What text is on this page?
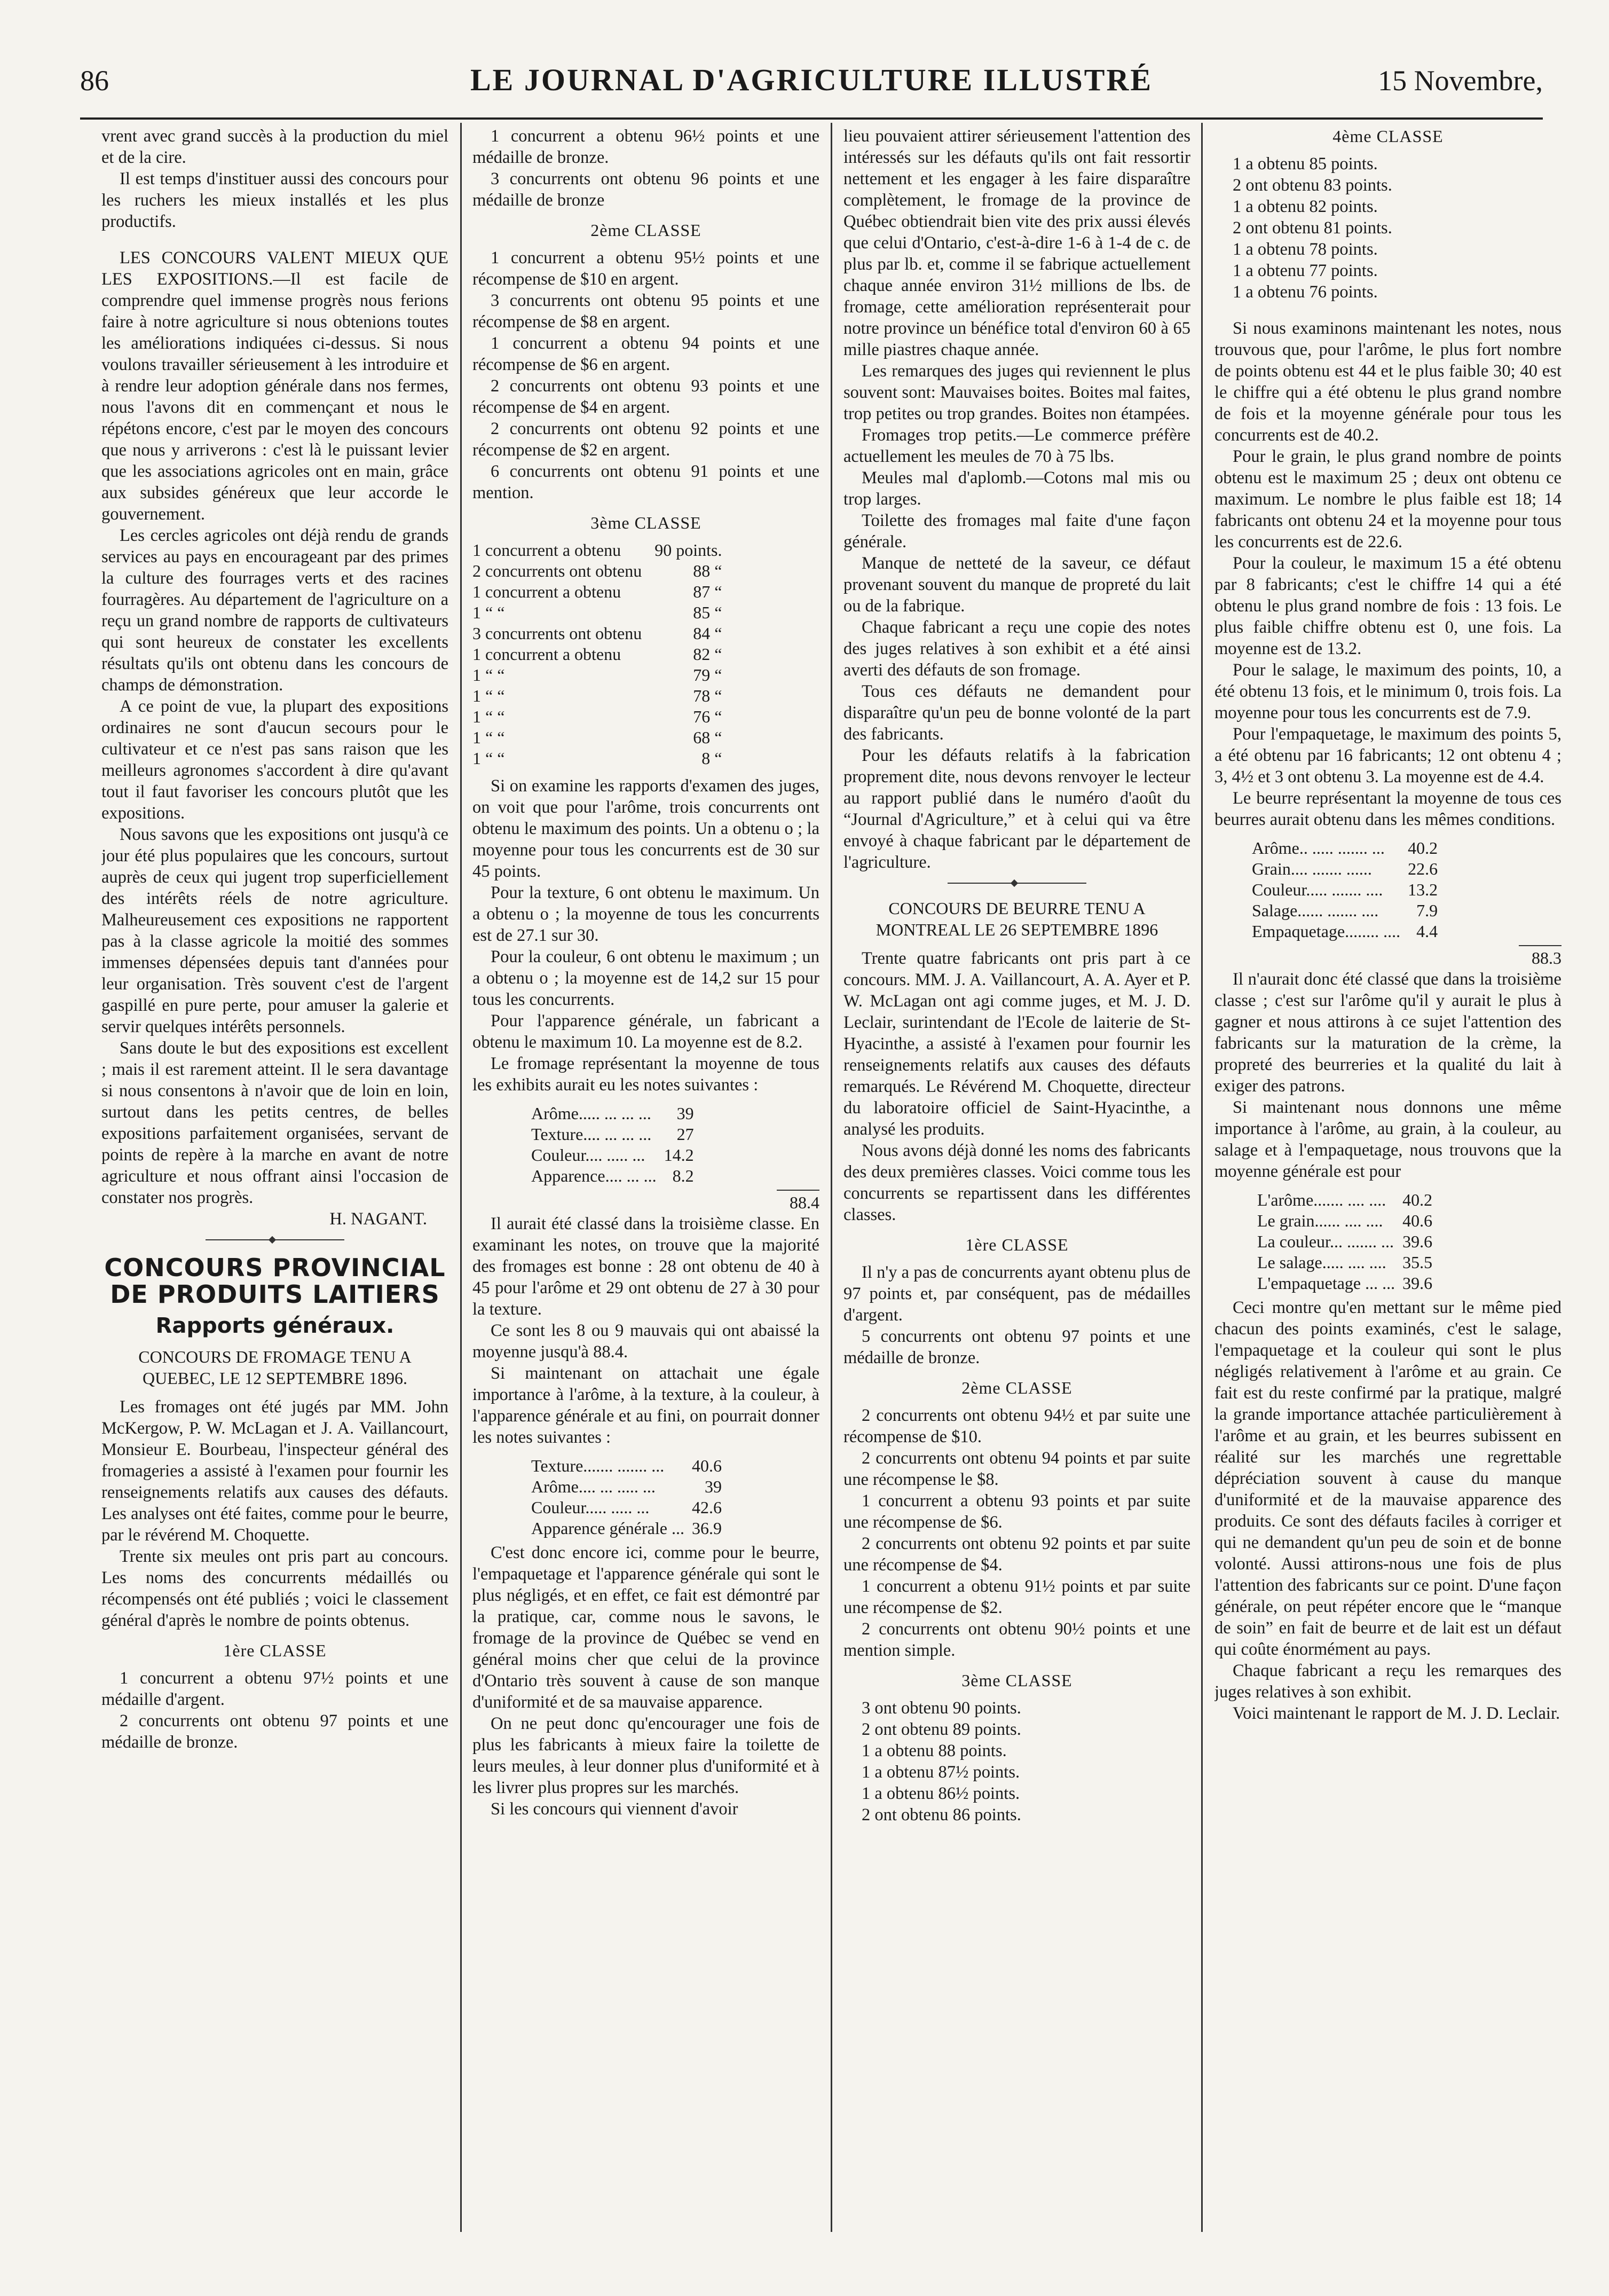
86	LE JOURNAL D'AGRICULTURE ILLUSTRÉ	15 Novembre,

vrent avec grand succès à la production du miel et de la cire.

Il est temps d'instituer aussi des concours pour les ruchers les mieux installés et les plus productifs.

LES CONCOURS VALENT MIEUX QUE LES EXPOSITIONS.—Il est facile de comprendre quel immense progrès nous ferions faire à notre agriculture si nous obtenions toutes les améliorations indiquées ci-dessus. Si nous voulons travailler sérieusement à les introduire et à rendre leur adoption générale dans nos fermes, nous l'avons dit en commençant et nous le répétons encore, c'est par le moyen des concours que nous y arriverons : c'est là le puissant levier que les associations agricoles ont en main, grâce aux subsides généreux que leur accorde le gouvernement.

Les cercles agricoles ont déjà rendu de grands services au pays en encourageant par des primes la culture des fourrages verts et des racines fourragères. Au département de l'agriculture on a reçu un grand nombre de rapports de cultivateurs qui sont heureux de constater les excellents résultats qu'ils ont obtenu dans les concours de champs de démonstration.

A ce point de vue, la plupart des expositions ordinaires ne sont d'aucun secours pour le cultivateur et ce n'est pas sans raison que les meilleurs agronomes s'accordent à dire qu'avant tout il faut favoriser les concours plutôt que les expositions.

Nous savons que les expositions ont jusqu'à ce jour été plus populaires que les concours, surtout auprès de ceux qui jugent trop superficiellement des intérêts réels de notre agriculture. Malheureusement ces expositions ne rapportent pas à la classe agricole la moitié des sommes immenses dépensées depuis tant d'années pour leur organisation. Très souvent c'est de l'argent gaspillé en pure perte, pour amuser la galerie et servir quelques intérêts personnels.

Sans doute le but des expositions est excellent ; mais il est rarement atteint. Il le sera davantage si nous consentons à n'avoir que de loin en loin, surtout dans les petits centres, de belles expositions parfaitement organisées, servant de points de repère à la marche en avant de notre agriculture et nous offrant ainsi l'occasion de constater nos progrès.

H. NAGANT.

CONCOURS PROVINCIAL DE PRODUITS LAITIERS
Rapports généraux.
CONCOURS DE FROMAGE TENU A QUEBEC, LE 12 SEPTEMBRE 1896.

Les fromages ont été jugés par MM. John McKergow, P. W. McLagan et J. A. Vaillancourt, Monsieur E. Bourbeau, l'inspecteur général des fromageries a assisté à l'examen pour fournir les renseignements relatifs aux causes des défauts. Les analyses ont été faites, comme pour le beurre, par le révérend M. Choquette.

Trente six meules ont pris part au concours. Les noms des concurrents médaillés ou récompensés ont été publiés ; voici le classement général d'après le nombre de points obtenus.

1ère CLASSE

1 concurrent a obtenu 97½ points et une médaille d'argent.

2 concurrents ont obtenu 97 points et une médaille de bronze.

1 concurrent a obtenu 96½ points et une médaille de bronze.

3 concurrents ont obtenu 96 points et une médaille de bronze

2ème CLASSE

1 concurrent a obtenu 95½ points et une récompense de $10 en argent.

3 concurrents ont obtenu 95 points et une récompense de $8 en argent.

1 concurrent a obtenu 94 points et une récompense de $6 en argent.

2 concurrents ont obtenu 93 points et une récompense de $4 en argent.

2 concurrents ont obtenu 92 points et une récompense de $2 en argent.

6 concurrents ont obtenu 91 points et une mention.

3ème CLASSE
1 concurrent a obtenu	90 points.
2 concurrents ont obtenu	88 “
1 concurrent a obtenu	87 “
1 “ “	85 “
3 concurrents ont obtenu	84 “
1 concurrent a obtenu	82 “
1 “ “	79 “
1 “ “	78 “
1 “ “	76 “
1 “ “	68 “
1 “ “	8 “

Si on examine les rapports d'examen des juges, on voit que pour l'arôme, trois concurrents ont obtenu le maximum des points. Un a obtenu o ; la moyenne pour tous les concurrents est de 30 sur 45 points.

Pour la texture, 6 ont obtenu le maximum. Un a obtenu o ; la moyenne de tous les concurrents est de 27.1 sur 30.

Pour la couleur, 6 ont obtenu le maximum ; un a obtenu o ; la moyenne est de 14,2 sur 15 pour tous les concurrents.

Pour l'apparence générale, un fabricant a obtenu le maximum 10. La moyenne est de 8.2.

Le fromage représentant la moyenne de tous les exhibits aurait eu les notes suivantes :

Arôme..... ... ... ...	39
Texture.... ... ... ...	27
Couleur.... ..... ...	14.2
Apparence.... ... ...	8.2
88.4

Il aurait été classé dans la troisième classe. En examinant les notes, on trouve que la majorité des fromages est bonne : 28 ont obtenu de 40 à 45 pour l'arôme et 29 ont obtenu de 27 à 30 pour la texture.

Ce sont les 8 ou 9 mauvais qui ont abaissé la moyenne jusqu'à 88.4.

Si maintenant on attachait une égale importance à l'arôme, à la texture, à la couleur, à l'apparence générale et au fini, on pourrait donner les notes suivantes :

Texture....... ....... ...	40.6
Arôme.... ... ..... ...	39
Couleur..... ..... ...	42.6
Apparence générale ...	36.9

C'est donc encore ici, comme pour le beurre, l'empaquetage et l'apparence générale qui sont le plus négligés, et en effet, ce fait est démontré par la pratique, car, comme nous le savons, le fromage de la province de Québec se vend en général moins cher que celui de la province d'Ontario très souvent à cause de son manque d'uniformité et de sa mauvaise apparence.

On ne peut donc qu'encourager une fois de plus les fabricants à mieux faire la toilette de leurs meules, à leur donner plus d'uniformité et à les livrer plus propres sur les marchés.

Si les concours qui viennent d'avoir

lieu pouvaient attirer sérieusement l'attention des intéressés sur les défauts qu'ils ont fait ressortir nettement et les engager à les faire disparaître complètement, le fromage de la province de Québec obtiendrait bien vite des prix aussi élevés que celui d'Ontario, c'est-à-dire 1-6 à 1-4 de c. de plus par lb. et, comme il se fabrique actuellement chaque année environ 31½ millions de lbs. de fromage, cette amélioration représenterait pour notre province un bénéfice total d'environ 60 à 65 mille piastres chaque année.

Les remarques des juges qui reviennent le plus souvent sont: Mauvaises boites. Boites mal faites, trop petites ou trop grandes. Boites non étampées.

Fromages trop petits.—Le commerce préfère actuellement les meules de 70 à 75 lbs.

Meules mal d'aplomb.—Cotons mal mis ou trop larges.

Toilette des fromages mal faite d'une façon générale.

Manque de netteté de la saveur, ce défaut provenant souvent du manque de propreté du lait ou de la fabrique.

Chaque fabricant a reçu une copie des notes des juges relatives à son exhibit et a été ainsi averti des défauts de son fromage.

Tous ces défauts ne demandent pour disparaître qu'un peu de bonne volonté de la part des fabricants.

Pour les défauts relatifs à la fabrication proprement dite, nous devons renvoyer le lecteur au rapport publié dans le numéro d'août du “Journal d'Agriculture,” et à celui qui va être envoyé à chaque fabricant par le département de l'agriculture.

CONCOURS DE BEURRE TENU A MONTREAL LE 26 SEPTEMBRE 1896

Trente quatre fabricants ont pris part à ce concours. MM. J. A. Vaillancourt, A. A. Ayer et P. W. McLagan ont agi comme juges, et M. J. D. Leclair, surintendant de l'Ecole de laiterie de St-Hyacinthe, a assisté à l'examen pour fournir les renseignements relatifs aux causes des défauts remarqués. Le Révérend M. Choquette, directeur du laboratoire officiel de Saint-Hyacinthe, a analysé les produits.

Nous avons déjà donné les noms des fabricants des deux premières classes. Voici comme tous les concurrents se repartissent dans les différentes classes.

1ère CLASSE

Il n'y a pas de concurrents ayant obtenu plus de 97 points et, par conséquent, pas de médailles d'argent.

5 concurrents ont obtenu 97 points et une médaille de bronze.

2ème CLASSE

2 concurrents ont obtenu 94½ et par suite une récompense de $10.

2 concurrents ont obtenu 94 points et par suite une récompense le $8.

1 concurrent a obtenu 93 points et par suite une récompense de $6.

2 concurrents ont obtenu 92 points et par suite une récompense de $4.

1 concurrent a obtenu 91½ points et par suite une récompense de $2.

2 concurrents ont obtenu 90½ points et une mention simple.

3ème CLASSE

3 ont obtenu 90 points.

2 ont obtenu 89 points.

1 a obtenu 88 points.

1 a obtenu 87½ points.

1 a obtenu 86½ points.

2 ont obtenu 86 points.

4ème CLASSE

1 a obtenu 85 points.

2 ont obtenu 83 points.

1 a obtenu 82 points.

2 ont obtenu 81 points.

1 a obtenu 78 points.

1 a obtenu 77 points.

1 a obtenu 76 points.

Si nous examinons maintenant les notes, nous trouvous que, pour l'arôme, le plus fort nombre de points obtenu est 44 et le plus faible 30; 40 est le chiffre qui a été obtenu le plus grand nombre de fois et la moyenne générale pour tous les concurrents est de 40.2.

Pour le grain, le plus grand nombre de points obtenu est le maximum 25 ; deux ont obtenu ce maximum. Le nombre le plus faible est 18; 14 fabricants ont obtenu 24 et la moyenne pour tous les concurrents est de 22.6.

Pour la couleur, le maximum 15 a été obtenu par 8 fabricants; c'est le chiffre 14 qui a été obtenu le plus grand nombre de fois : 13 fois. Le plus faible chiffre obtenu est 0, une fois. La moyenne est de 13.2.

Pour le salage, le maximum des points, 10, a été obtenu 13 fois, et le minimum 0, trois fois. La moyenne pour tous les concurrents est de 7.9.

Pour l'empaquetage, le maximum des points 5, a été obtenu par 16 fabricants; 12 ont obtenu 4 ; 3, 4½ et 3 ont obtenu 3. La moyenne est de 4.4.

Le beurre représentant la moyenne de tous ces beurres aurait obtenu dans les mêmes conditions.

Arôme.. ..... ....... ...	40.2
Grain.... ....... ......	22.6
Couleur..... ....... ....	13.2
Salage...... ....... ....	7.9
Empaquetage........ ....	4.4
88.3

Il n'aurait donc été classé que dans la troisième classe ; c'est sur l'arôme qu'il y aurait le plus à gagner et nous attirons à ce sujet l'attention des fabricants sur la maturation de la crème, la propreté des beurreries et la qualité du lait à exiger des patrons.

Si maintenant nous donnons une même importance à l'arôme, au grain, à la couleur, au salage et à l'empaquetage, nous trouvons que la moyenne générale est pour

L'arôme....... .... ....	40.2
Le grain...... .... ....	40.6
La couleur... ....... ...	39.6
Le salage..... .... ....	35.5
L'empaquetage ... ...	39.6

Ceci montre qu'en mettant sur le même pied chacun des points examinés, c'est le salage, l'empaquetage et la couleur qui sont le plus négligés relativement à l'arôme et au grain. Ce fait est du reste confirmé par la pratique, malgré la grande importance attachée particulièrement à l'arôme et au grain, et les beurres subissent en réalité sur les marchés une regrettable dépréciation souvent à cause du manque d'uniformité et de la mauvaise apparence des produits. Ce sont des défauts faciles à corriger et qui ne demandent qu'un peu de soin et de bonne volonté. Aussi attirons-nous une fois de plus l'attention des fabricants sur ce point. D'une façon générale, on peut répéter encore que le “manque de soin” en fait de beurre et de lait est un défaut qui coûte énormément au pays.

Chaque fabricant a reçu les remarques des juges relatives à son exhibit.

Voici maintenant le rapport de M. J. D. Leclair.
